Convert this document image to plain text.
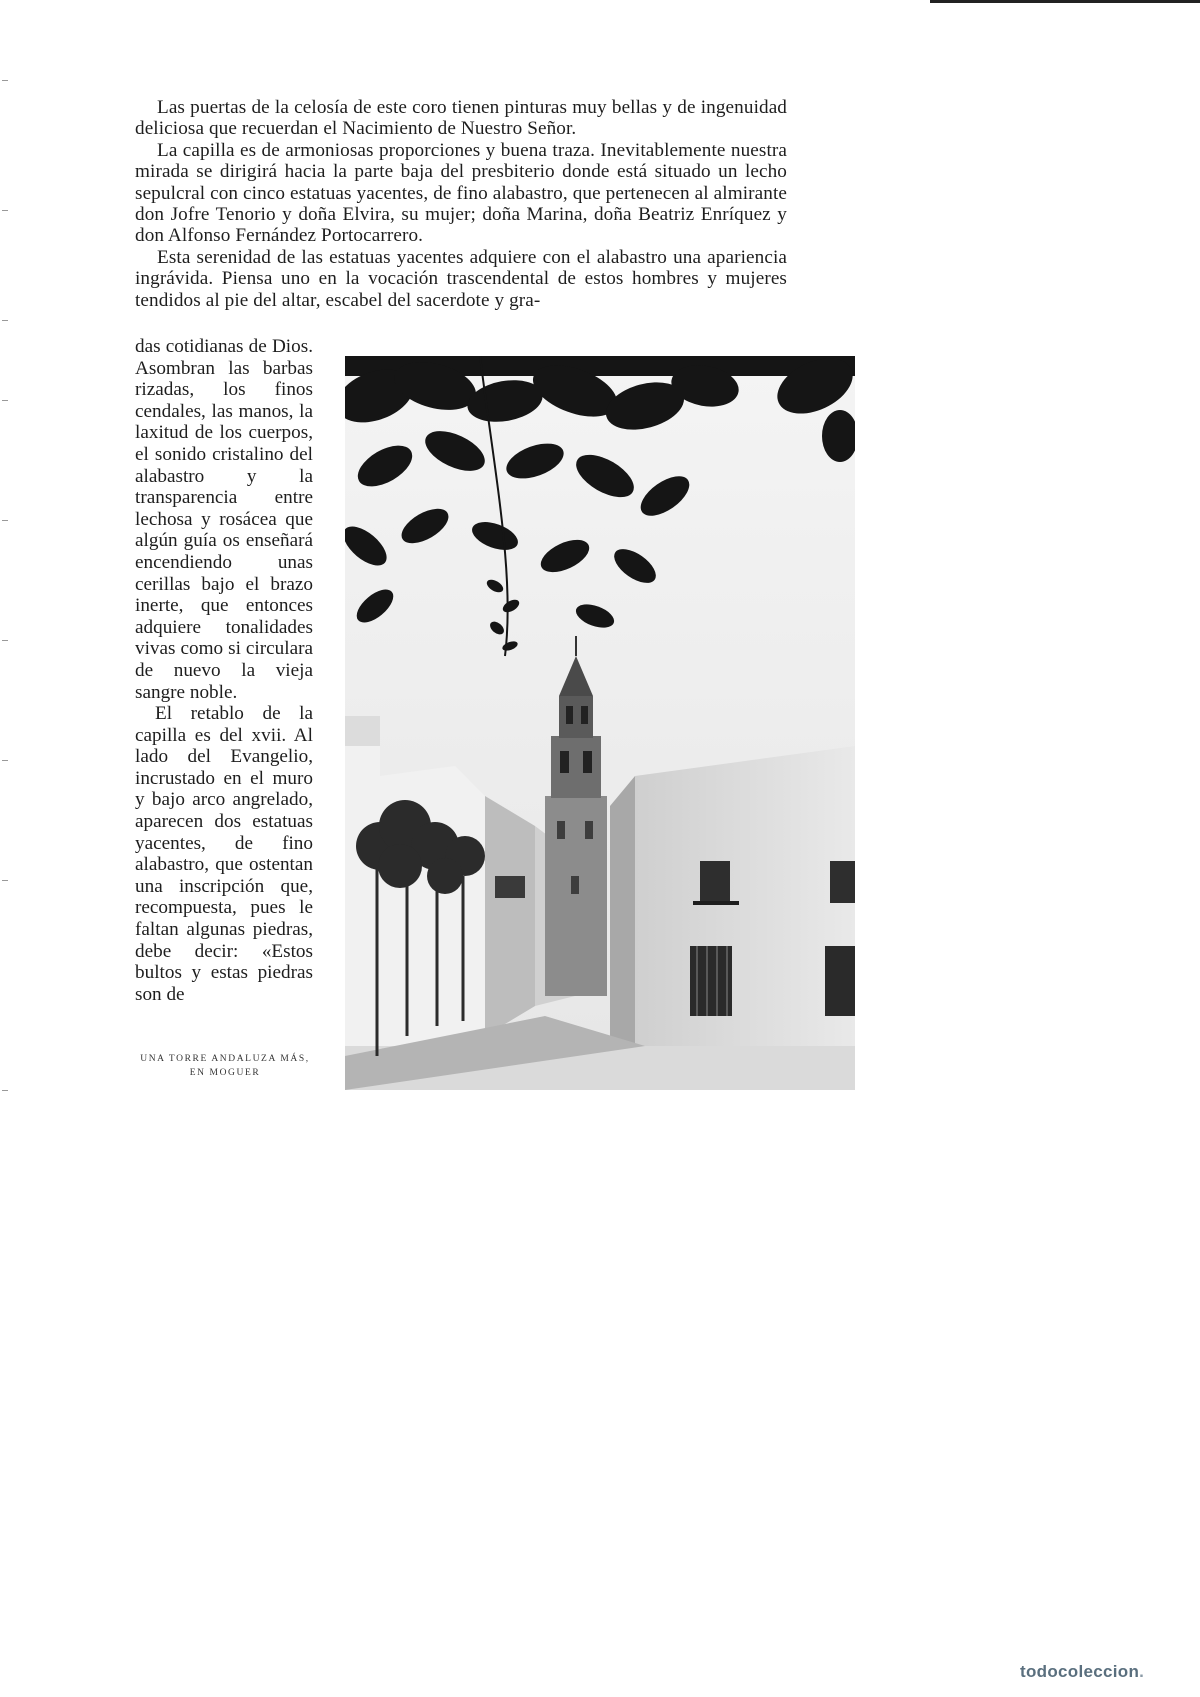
Las puertas de la celosía de este coro tienen pinturas muy bellas y de ingenuidad deliciosa que recuerdan el Nacimiento de Nuestro Señor.

La capilla es de armoniosas proporciones y buena traza. Inevitablemente nuestra mirada se dirigirá hacia la parte baja del presbiterio donde está situado un lecho sepulcral con cinco estatuas yacentes, de fino alabastro, que pertenecen al almirante don Jofre Tenorio y doña Elvira, su mujer; doña Marina, doña Beatriz Enríquez y don Alfonso Fernández Portocarrero.

Esta serenidad de las estatuas yacentes adquiere con el alabastro una apariencia ingrávida. Piensa uno en la vocación trascendental de estos hombres y mujeres tendidos al pie del altar, escabel del sacerdote y gra-

das cotidianas de Dios. Asombran las barbas rizadas, los finos cendales, las manos, la laxitud de los cuerpos, el sonido cristalino del alabastro y la transparencia entre lechosa y rosácea que algún guía os enseñará encendiendo unas cerillas bajo el brazo inerte, que entonces adquiere tonalidades vivas como si circulara de nuevo la vieja sangre noble.

El retablo de la capilla es del xvii. Al lado del Evangelio, incrustado en el muro y bajo arco angrelado, aparecen dos estatuas yacentes, de fino alabastro, que ostentan una inscripción que, recompuesta, pues le faltan algunas piedras, debe decir: «Estos bultos y estas piedras son de

UNA TORRE ANDALUZA MÁS,
EN MOGUER
todocoleccion.
